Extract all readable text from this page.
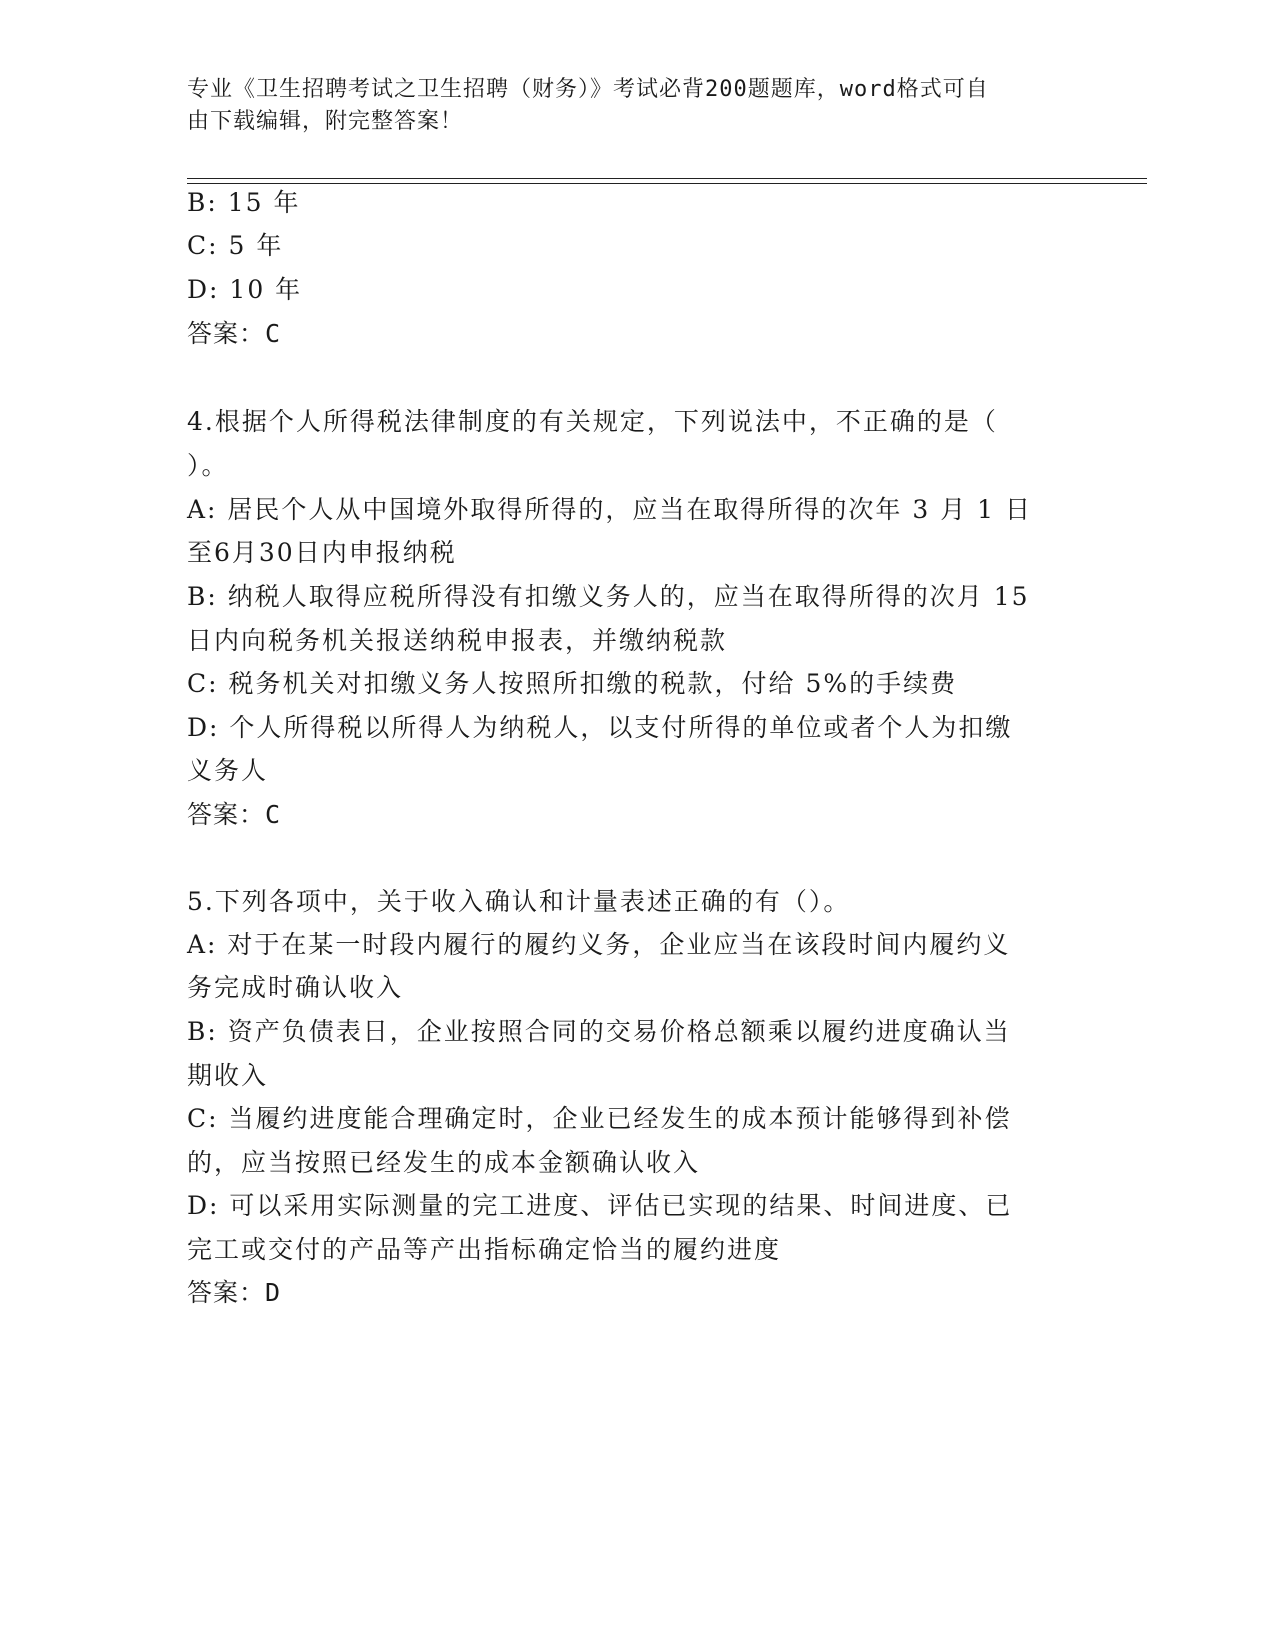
专业《卫生招聘考试之卫生招聘（财务）》考试必背200题题库，word格式可自
由下载编辑，附完整答案！
B: 15 年
C: 5 年
D: 10 年
答案：C
4.根据个人所得税法律制度的有关规定，下列说法中，不正确的是（
）。
A: 居民个人从中国境外取得所得的，应当在取得所得的次年 3 月 1 日
至6月30日内申报纳税
B: 纳税人取得应税所得没有扣缴义务人的，应当在取得所得的次月 15
日内向税务机关报送纳税申报表，并缴纳税款
C: 税务机关对扣缴义务人按照所扣缴的税款，付给 5%的手续费
D: 个人所得税以所得人为纳税人，以支付所得的单位或者个人为扣缴
义务人
答案：C
5.下列各项中，关于收入确认和计量表述正确的有（）。
A: 对于在某一时段内履行的履约义务，企业应当在该段时间内履约义
务完成时确认收入
B: 资产负债表日，企业按照合同的交易价格总额乘以履约进度确认当
期收入
C: 当履约进度能合理确定时，企业已经发生的成本预计能够得到补偿
的，应当按照已经发生的成本金额确认收入
D: 可以采用实际测量的完工进度、评估已实现的结果、时间进度、已
完工或交付的产品等产出指标确定恰当的履约进度
答案：D
